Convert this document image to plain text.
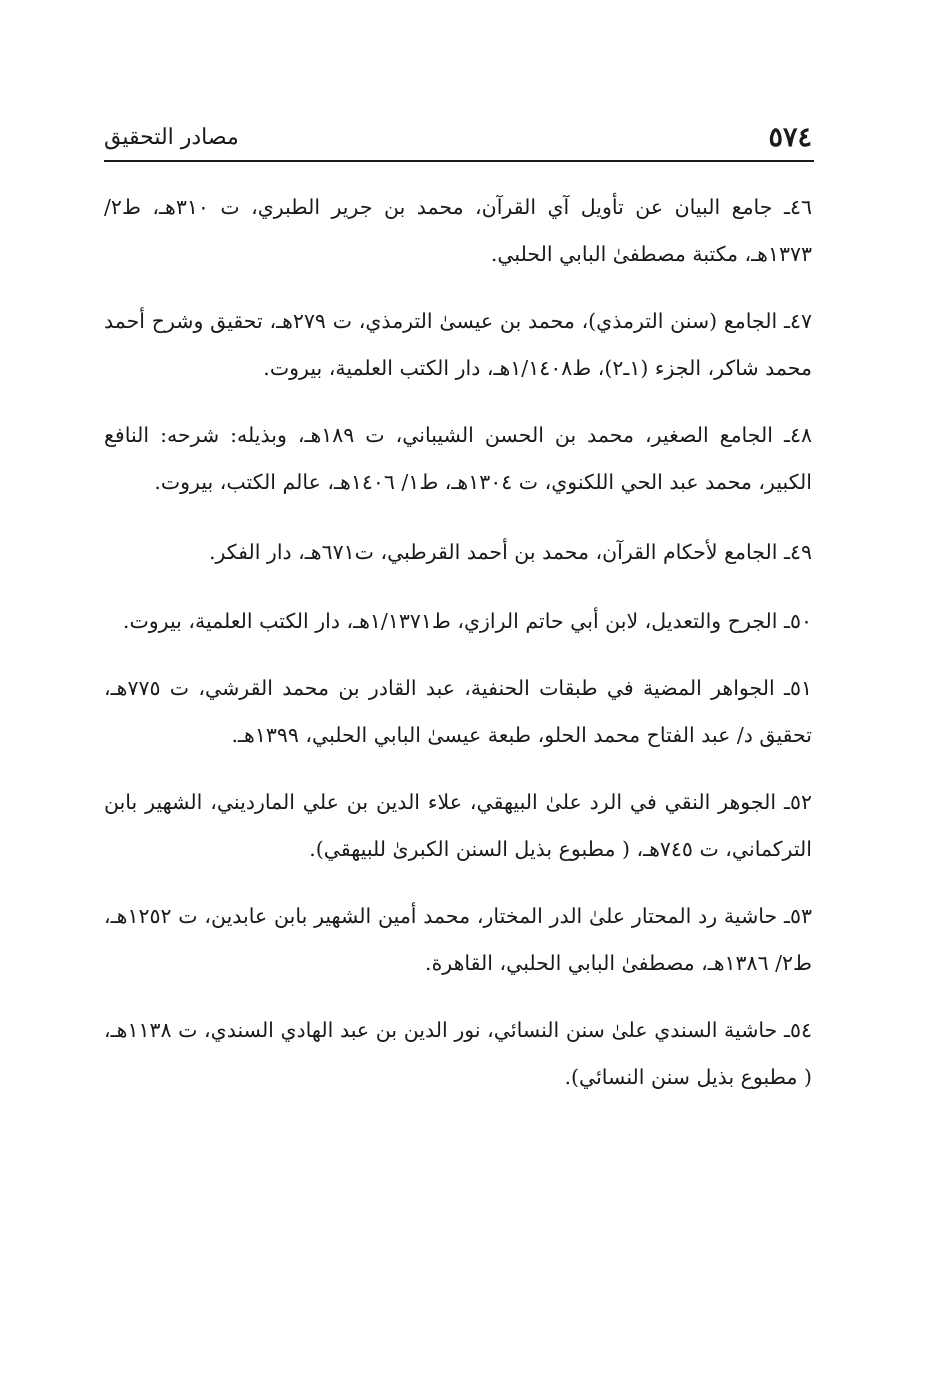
٥٧٤
مصادر التحقيق

٤٦ـ جامع البيان عن تأويل آي القرآن، محمد بن جرير الطبري، ت ٣١٠هـ، ط٢/ ١٣٧٣هـ، مكتبة مصطفىٰ البابي الحلبي.

٤٧ـ الجامع (سنن الترمذي)، محمد بن عيسىٰ الترمذي، ت ٢٧٩هـ، تحقيق وشرح أحمد محمد شاكر، الجزء (١ـ٢)، ط١/١٤٠٨هـ، دار الكتب العلمية، بيروت.

٤٨ـ الجامع الصغير، محمد بن الحسن الشيباني، ت ١٨٩هـ، وبذيله: شرحه: النافع الكبير، محمد عبد الحي اللكنوي، ت ١٣٠٤هـ، ط١/ ١٤٠٦هـ، عالم الكتب، بيروت.

٤٩ـ الجامع لأحكام القرآن، محمد بن أحمد القرطبي، ت٦٧١هـ، دار الفكر.

٥٠ـ الجرح والتعديل، لابن أبي حاتم الرازي، ط١/١٣٧١هـ، دار الكتب العلمية، بيروت.

٥١ـ الجواهر المضية في طبقات الحنفية، عبد القادر بن محمد القرشي، ت ٧٧٥هـ، تحقيق د/ عبد الفتاح محمد الحلو، طبعة عيسىٰ البابي الحلبي، ١٣٩٩هـ.

٥٢ـ الجوهر النقي في الرد علىٰ البيهقي، علاء الدين بن علي المارديني، الشهير بابن التركماني، ت ٧٤٥هـ، ( مطبوع بذيل السنن الكبرىٰ للبيهقي).

٥٣ـ حاشية رد المحتار علىٰ الدر المختار، محمد أمين الشهير بابن عابدين، ت ١٢٥٢هـ، ط٢/ ١٣٨٦هـ، مصطفىٰ البابي الحلبي، القاهرة.

٥٤ـ حاشية السندي علىٰ سنن النسائي، نور الدين بن عبد الهادي السندي، ت ١١٣٨هـ، ( مطبوع بذيل سنن النسائي).
